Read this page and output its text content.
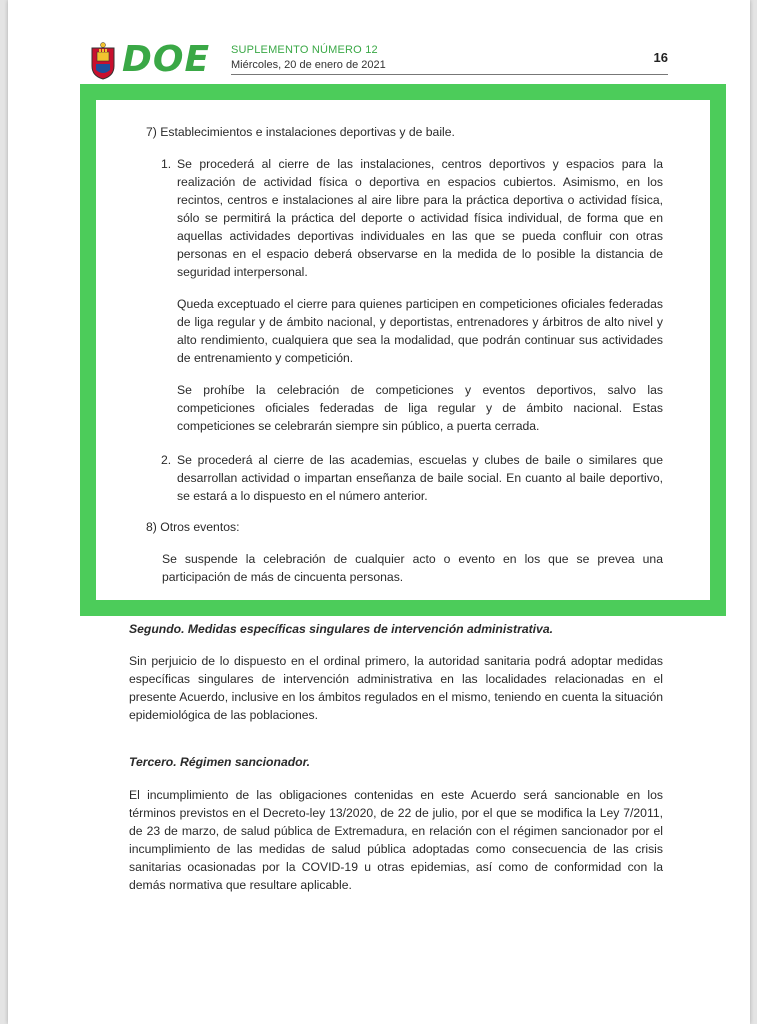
DOE SUPLEMENTO NÚMERO 12
Miércoles, 20 de enero de 2021	16
7) Establecimientos e instalaciones deportivas y de baile.
1. Se procederá al cierre de las instalaciones, centros deportivos y espacios para la realización de actividad física o deportiva en espacios cubiertos. Asimismo, en los recintos, centros e instalaciones al aire libre para la práctica deportiva o actividad física, sólo se permitirá la práctica del deporte o actividad física individual, de forma que en aquellas actividades deportivas individuales en las que se pueda confluir con otras personas en el espacio deberá observarse en la medida de lo posible la distancia de seguridad interpersonal.

Queda exceptuado el cierre para quienes participen en competiciones oficiales federadas de liga regular y de ámbito nacional, y deportistas, entrenadores y árbitros de alto nivel y alto rendimiento, cualquiera que sea la modalidad, que podrán continuar sus actividades de entrenamiento y competición.
Se prohíbe la celebración de competiciones y eventos deportivos, salvo las competiciones oficiales federadas de liga regular y de ámbito nacional. Estas competiciones se celebrarán siempre sin público, a puerta cerrada.
2. Se procederá al cierre de las academias, escuelas y clubes de baile o similares que desarrollan actividad o impartan enseñanza de baile social. En cuanto al baile deportivo, se estará a lo dispuesto en el número anterior.

8) Otros eventos:
Se suspende la celebración de cualquier acto o evento en los que se prevea una participación de más de cincuenta personas.
Segundo. Medidas específicas singulares de intervención administrativa.
Sin perjuicio de lo dispuesto en el ordinal primero, la autoridad sanitaria podrá adoptar medidas específicas singulares de intervención administrativa en las localidades relacionadas en el presente Acuerdo, inclusive en los ámbitos regulados en el mismo, teniendo en cuenta la situación epidemiológica de las poblaciones.
Tercero. Régimen sancionador.
El incumplimiento de las obligaciones contenidas en este Acuerdo será sancionable en los términos previstos en el Decreto-ley 13/2020, de 22 de julio, por el que se modifica la Ley 7/2011, de 23 de marzo, de salud pública de Extremadura, en relación con el régimen sancionador por el incumplimiento de las medidas de salud pública adoptadas como consecuencia de las crisis sanitarias ocasionadas por la COVID-19 u otras epidemias, así como de conformidad con la demás normativa que resultare aplicable.
